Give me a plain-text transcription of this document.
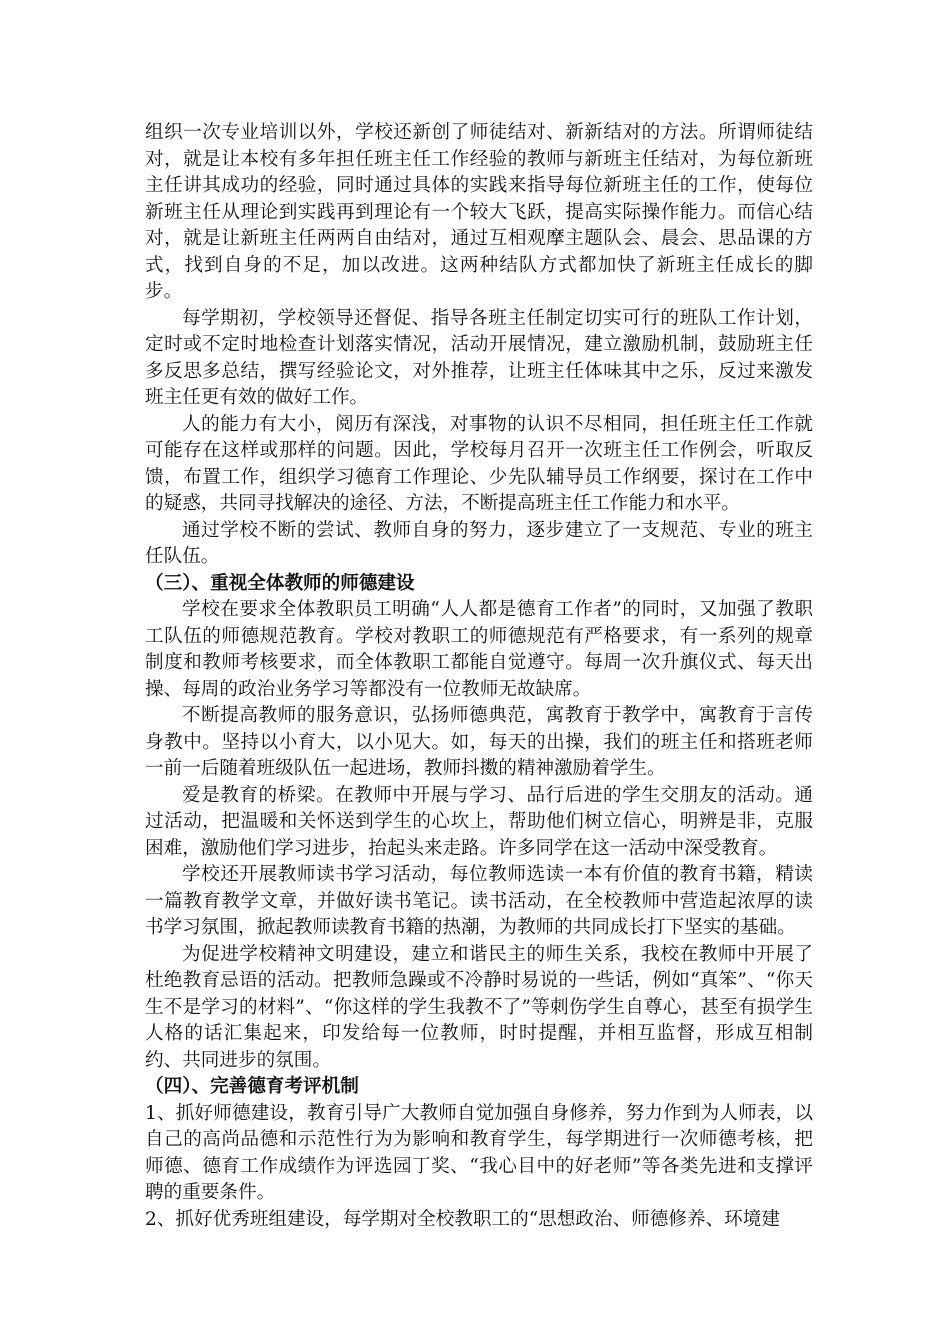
组织一次专业培训以外，学校还新创了师徒结对、新新结对的方法。所谓师徒结对，就是让本校有多年担任班主任工作经验的教师与新班主任结对，为每位新班主任讲其成功的经验，同时通过具体的实践来指导每位新班主任的工作，使每位新班主任从理论到实践再到理论有一个较大飞跃，提高实际操作能力。而信心结对，就是让新班主任两两自由结对，通过互相观摩主题队会、晨会、思品课的方式，找到自身的不足，加以改进。这两种结队方式都加快了新班主任成长的脚步。

每学期初，学校领导还督促、指导各班主任制定切实可行的班队工作计划，定时或不定时地检查计划落实情况，活动开展情况，建立激励机制，鼓励班主任多反思多总结，撰写经验论文，对外推荐，让班主任体味其中之乐，反过来激发班主任更有效的做好工作。

人的能力有大小，阅历有深浅，对事物的认识不尽相同，担任班主任工作就可能存在这样或那样的问题。因此，学校每月召开一次班主任工作例会，听取反馈，布置工作，组织学习德育工作理论、少先队辅导员工作纲要，探讨在工作中的疑惑，共同寻找解决的途径、方法，不断提高班主任工作能力和水平。

通过学校不断的尝试、教师自身的努力，逐步建立了一支规范、专业的班主任队伍。

（三）、重视全体教师的师德建设

学校在要求全体教职员工明确“人人都是德育工作者”的同时，又加强了教职工队伍的师德规范教育。学校对教职工的师德规范有严格要求，有一系列的规章制度和教师考核要求，而全体教职工都能自觉遵守。每周一次升旗仪式、每天出操、每周的政治业务学习等都没有一位教师无故缺席。

不断提高教师的服务意识，弘扬师德典范，寓教育于教学中，寓教育于言传身教中。坚持以小育大，以小见大。如，每天的出操，我们的班主任和搭班老师一前一后随着班级队伍一起进场，教师抖擞的精神激励着学生。

爱是教育的桥梁。在教师中开展与学习、品行后进的学生交朋友的活动。通过活动，把温暖和关怀送到学生的心坎上，帮助他们树立信心，明辨是非，克服困难，激励他们学习进步，抬起头来走路。许多同学在这一活动中深受教育。

学校还开展教师读书学习活动，每位教师选读一本有价值的教育书籍，精读一篇教育教学文章，并做好读书笔记。读书活动，在全校教师中营造起浓厚的读书学习氛围，掀起教师读教育书籍的热潮，为教师的共同成长打下坚实的基础。

为促进学校精神文明建设，建立和谐民主的师生关系，我校在教师中开展了杜绝教育忌语的活动。把教师急躁或不冷静时易说的一些话，例如“真笨”、“你天生不是学习的材料”、“你这样的学生我教不了”等刺伤学生自尊心，甚至有损学生人格的话汇集起来，印发给每一位教师，时时提醒，并相互监督，形成互相制约、共同进步的氛围。

（四）、完善德育考评机制

1、抓好师德建设，教育引导广大教师自觉加强自身修养，努力作到为人师表，以自己的高尚品德和示范性行为为影响和教育学生，每学期进行一次师德考核，把师德、德育工作成绩作为评选园丁奖、“我心目中的好老师”等各类先进和支撑评聘的重要条件。

2、抓好优秀班组建设，每学期对全校教职工的“思想政治、师德修养、环境建
